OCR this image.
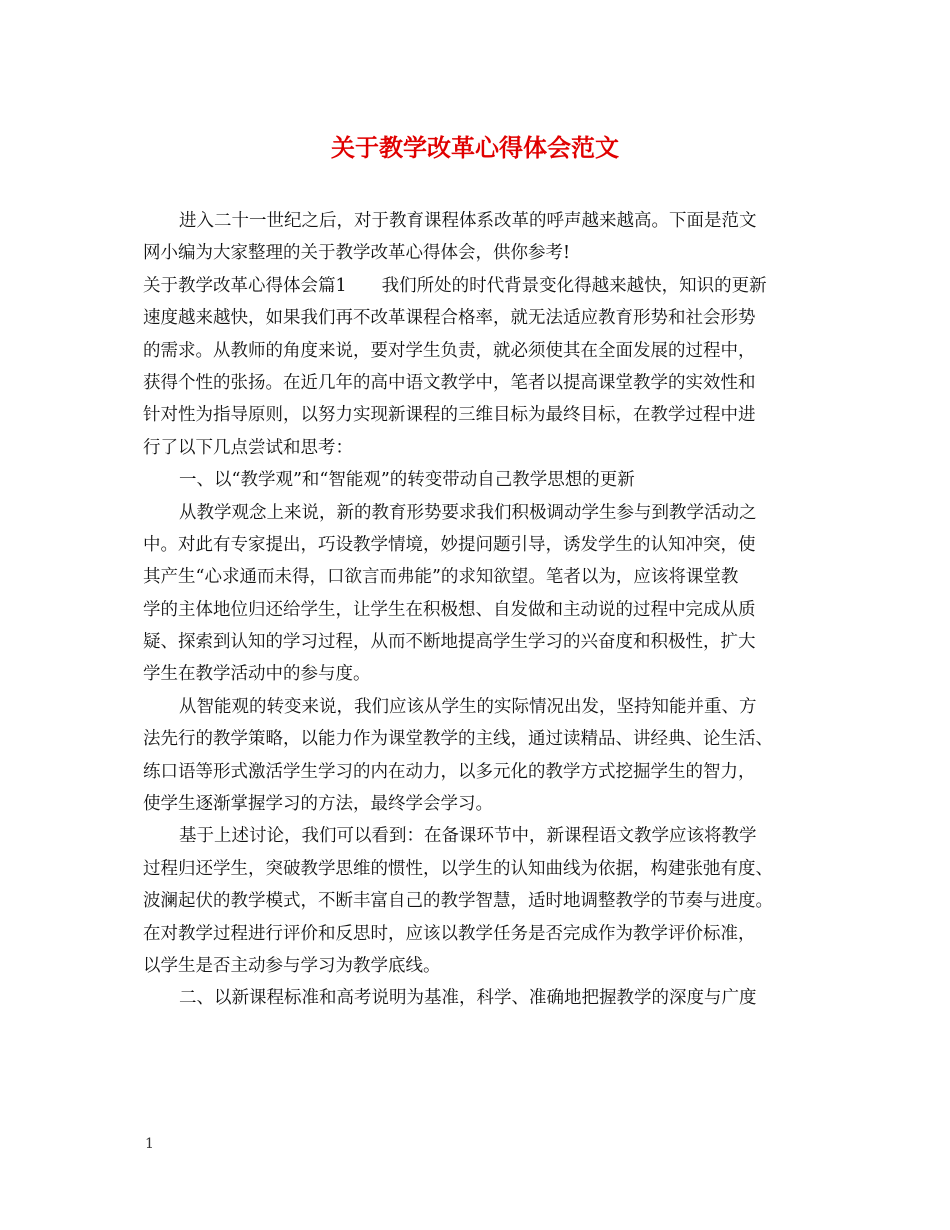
关于教学改革心得体会范文
进入二十一世纪之后，对于教育课程体系改革的呼声越来越高。下面是范文
网小编为大家整理的关于教学改革心得体会，供你参考!
关于教学改革心得体会篇1　　我们所处的时代背景变化得越来越快，知识的更新
速度越来越快，如果我们再不改革课程合格率，就无法适应教育形势和社会形势
的需求。从教师的角度来说，要对学生负责，就必须使其在全面发展的过程中，
获得个性的张扬。在近几年的高中语文教学中，笔者以提高课堂教学的实效性和
针对性为指导原则，以努力实现新课程的三维目标为最终目标，在教学过程中进
行了以下几点尝试和思考：
一、以“教学观”和“智能观”的转变带动自己教学思想的更新
从教学观念上来说，新的教育形势要求我们积极调动学生参与到教学活动之
中。对此有专家提出，巧设教学情境，妙提问题引导，诱发学生的认知冲突，使
其产生“心求通而未得，口欲言而弗能”的求知欲望。笔者以为，应该将课堂教
学的主体地位归还给学生，让学生在积极想、自发做和主动说的过程中完成从质
疑、探索到认知的学习过程，从而不断地提高学生学习的兴奋度和积极性，扩大
学生在教学活动中的参与度。
从智能观的转变来说，我们应该从学生的实际情况出发，坚持知能并重、方
法先行的教学策略，以能力作为课堂教学的主线，通过读精品、讲经典、论生活、
练口语等形式激活学生学习的内在动力，以多元化的教学方式挖掘学生的智力，
使学生逐渐掌握学习的方法，最终学会学习。
基于上述讨论，我们可以看到：在备课环节中，新课程语文教学应该将教学
过程归还学生，突破教学思维的惯性，以学生的认知曲线为依据，构建张弛有度、
波澜起伏的教学模式，不断丰富自己的教学智慧，适时地调整教学的节奏与进度。
在对教学过程进行评价和反思时，应该以教学任务是否完成作为教学评价标准，
以学生是否主动参与学习为教学底线。
二、以新课程标准和高考说明为基准，科学、准确地把握教学的深度与广度
1
